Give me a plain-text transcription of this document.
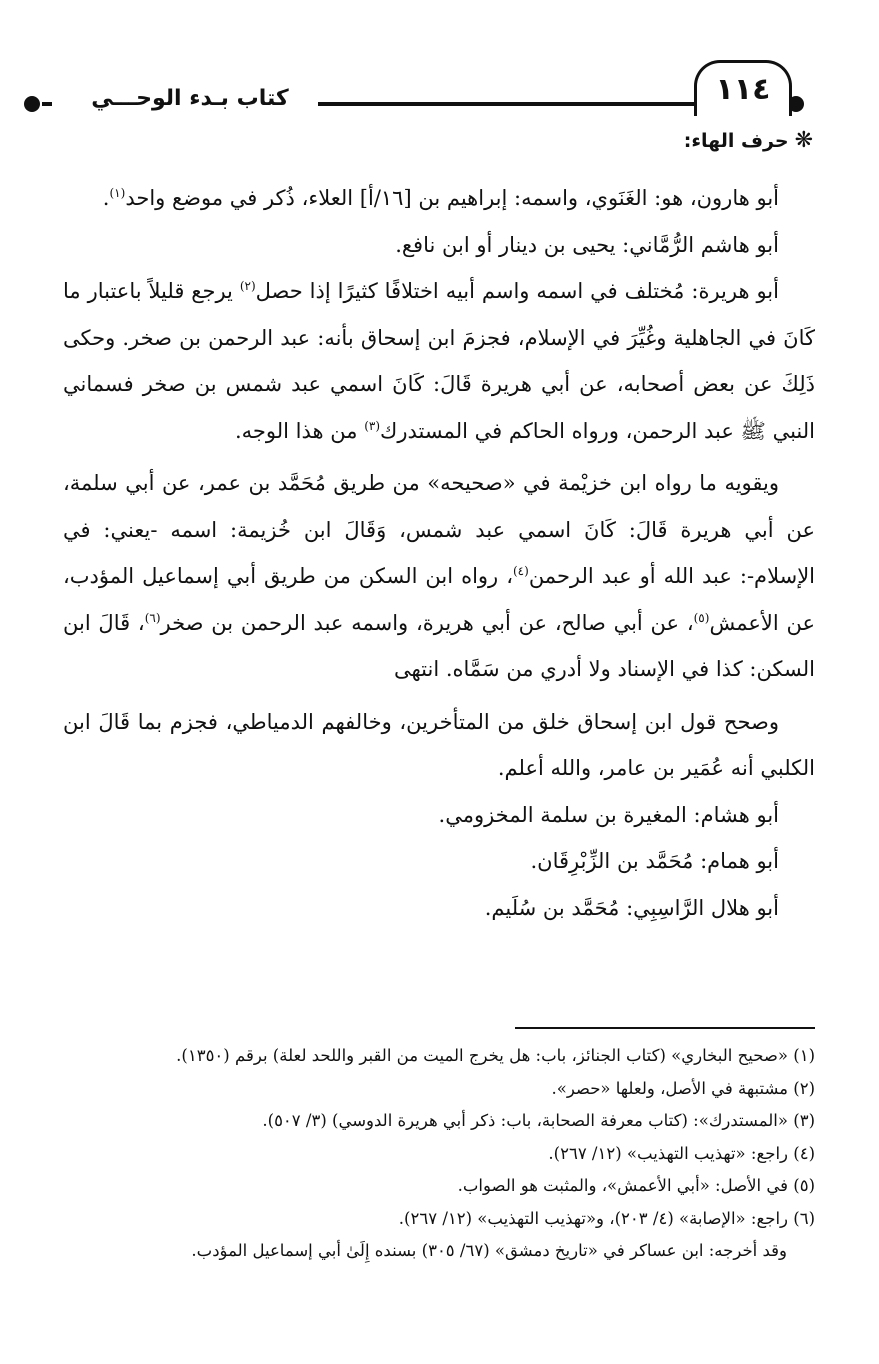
١١٤
كتاب بـدء الوحـــي
❋حرف الهاء:

أبو هارون، هو: الغَنَوي، واسمه: إبراهيم بن [١٦/أ] العلاء، ذُكر في موضع واحد$^{(١)}$.

أبو هاشم الرُّمَّاني: يحيى بن دينار أو ابن نافع.

أبو هريرة: مُختلف في اسمه واسم أبيه اختلافًا كثيرًا إذا حصل$^{(٢)}$ يرجع قليلاً باعتبار ما كَانَ في الجاهلية وغُيِّرَ في الإسلام، فجزمَ ابن إسحاق بأنه: عبد الرحمن بن صخر. وحكى ذَلِكَ عن بعض أصحابه، عن أبي هريرة قَالَ: كَانَ اسمي عبد شمس بن صخر فسماني النبي ﷺ عبد الرحمن، ورواه الحاكم في المستدرك$^{(٣)}$ من هذا الوجه.

ويقويه ما رواه ابن خزيْمة في «صحيحه» من طريق مُحَمَّد بن عمر، عن أبي سلمة، عن أبي هريرة قَالَ: كَانَ اسمي عبد شمس، وَقَالَ ابن خُزيمة: اسمه -يعني: في الإسلام-: عبد الله أو عبد الرحمن$^{(٤)}$، رواه ابن السكن من طريق أبي إسماعيل المؤدب، عن الأعمش$^{(٥)}$، عن أبي صالح، عن أبي هريرة، واسمه عبد الرحمن بن صخر$^{(٦)}$، قَالَ ابن السكن: كذا في الإسناد ولا أدري من سَمَّاه. انتهى

وصحح قول ابن إسحاق خلق من المتأخرين، وخالفهم الدمياطي، فجزم بما قَالَ ابن الكلبي أنه عُمَير بن عامر، والله أعلم.

أبو هشام: المغيرة بن سلمة المخزومي.

أبو همام: مُحَمَّد بن الزِّبْرِقَان.

أبو هلال الرَّاسِبِي: مُحَمَّد بن سُلَيم.

(١) «صحيح البخاري» (كتاب الجنائز، باب: هل يخرج الميت من القبر واللحد لعلة) برقم (١٣٥٠).

(٢) مشتبهة في الأصل، ولعلها «حصر».

(٣) «المستدرك»: (كتاب معرفة الصحابة، باب: ذكر أبي هريرة الدوسي) (٣/ ٥٠٧).

(٤) راجع: «تهذيب التهذيب» (١٢/ ٢٦٧).

(٥) في الأصل: «أبي الأعمش»، والمثبت هو الصواب.

(٦) راجع: «الإصابة» (٤/ ٢٠٣)، و«تهذيب التهذيب» (١٢/ ٢٦٧).

وقد أخرجه: ابن عساكر في «تاريخ دمشق» (٦٧/ ٣٠٥) بسنده إِلَىٰ أبي إسماعيل المؤدب.
